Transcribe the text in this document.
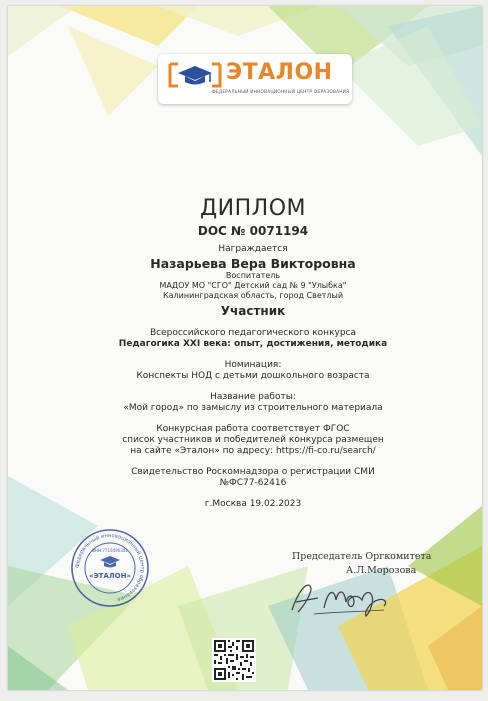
ЭТАЛОН
ФЕДЕРАЛЬНЫЙ ИННОВАЦИОННЫЙ ЦЕНТР ОБРАЗОВАНИЯ
ДИПЛОМ
DOC № 0071194
Награждается
Назарьева Вера Викторовна
Воспитатель
МАДОУ МО "СГО" Детский сад № 9 "Улыбка"
Калининградская область, город Светлый
Участник
Всероссийского педагогического конкурса
Педагогика XXI века: опыт, достижения, методика
Номинация:
Конспекты НОД с детьми дошкольного возраста
Название работы:
«Мой город» по замыслу из строительного материала
Конкурсная работа соответствует ФГОС
список участников и победителей конкурса размещен
на сайте «Эталон» по адресу: https://fi-co.ru/search/
Свидетельство Роскомнадзора о регистрации СМИ
№ФС77-62416
г.Москва 19.02.2023
Федеральный инновационный центр образования
ИНН 7710496301
«ЭТАЛОН»
Председатель Оргкомитета
А.Л.Морозова
